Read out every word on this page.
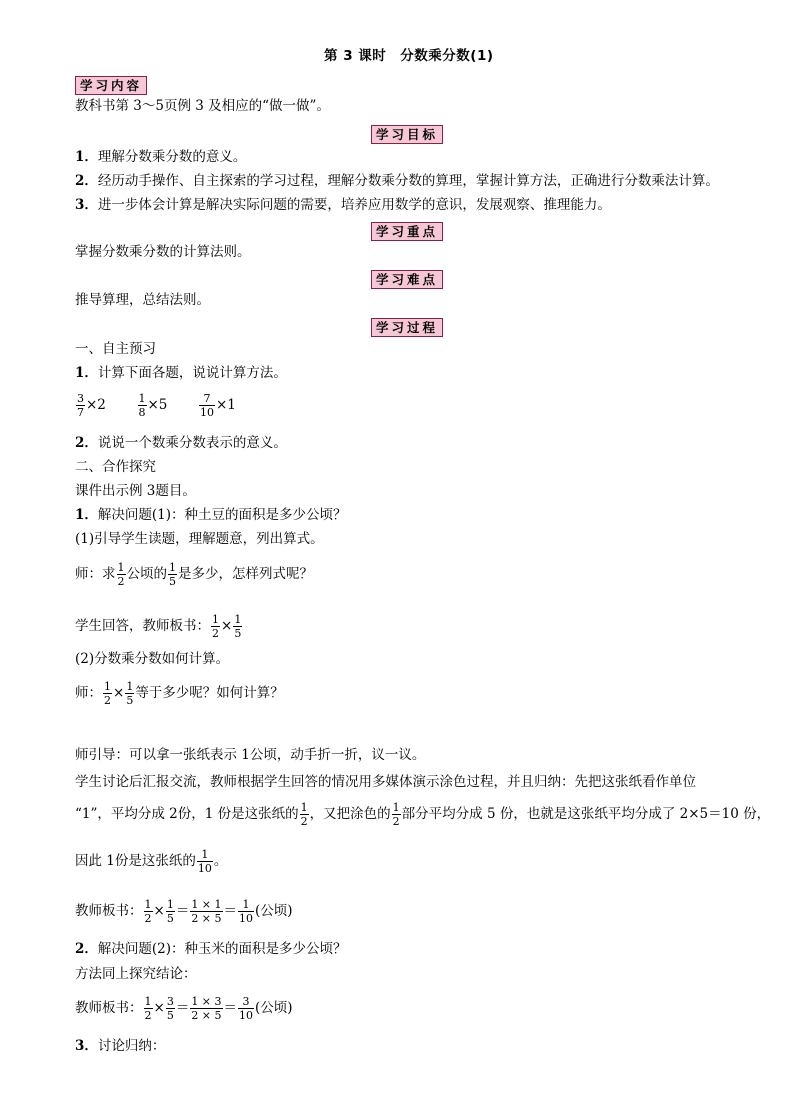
第 3 课时　分数乘分数(1)
学习内容
教科书第 3～5页例 3 及相应的“做一做”。
学习目标
1．理解分数乘分数的意义。
2．经历动手操作、自主探索的学习过程，理解分数乘分数的算理，掌握计算方法，正确进行分数乘法计算。
3．进一步体会计算是解决实际问题的需要，培养应用数学的意识，发展观察、推理能力。
学习重点
掌握分数乘分数的计算法则。
学习难点
推导算理，总结法则。
学习过程
一、自主预习
1．计算下面各题，说说计算方法。
$\frac{3}{7} \times 2$	$\frac{1}{8} \times 5$	$\frac{7}{10} \times 1$
2．说说一个数乘分数表示的意义。
二、合作探究
课件出示例 3题目。
1．解决问题(1)：种土豆的面积是多少公顷？
(1)引导学生读题，理解题意，列出算式。
师：求 $\frac{1}{2}$ 公顷的 $\frac{1}{5}$ 是多少，怎样列式呢？
学生回答，教师板书： $\frac{1}{2} \times \frac{1}{5}$
(2)分数乘分数如何计算。
师： $\frac{1}{2} \times \frac{1}{5}$ 等于多少呢？如何计算？
师引导：可以拿一张纸表示 1公顷，动手折一折，议一议。
学生讨论后汇报交流，教师根据学生回答的情况用多媒体演示涂色过程，并且归纳：先把这张纸看作单位
“1”，平均分成 2份，1 份是这张纸的 $\frac{1}{2}$ ，又把涂色的 $\frac{1}{2}$ 部分平均分成 5 份，也就是这张纸平均分成了 2×5＝10 份，
因此 1份是这张纸的 $\frac{1}{10}$ 。
教师板书： $\frac{1}{2} \times \frac{1}{5} = \frac{1 \times 1}{2 \times 5} = \frac{1}{10}$ (公顷)
2．解决问题(2)：种玉米的面积是多少公顷？
方法同上探究结论：
教师板书： $\frac{1}{2} \times \frac{3}{5} = \frac{1 \times 3}{2 \times 5} = \frac{3}{10}$ (公顷)
3．讨论归纳：
